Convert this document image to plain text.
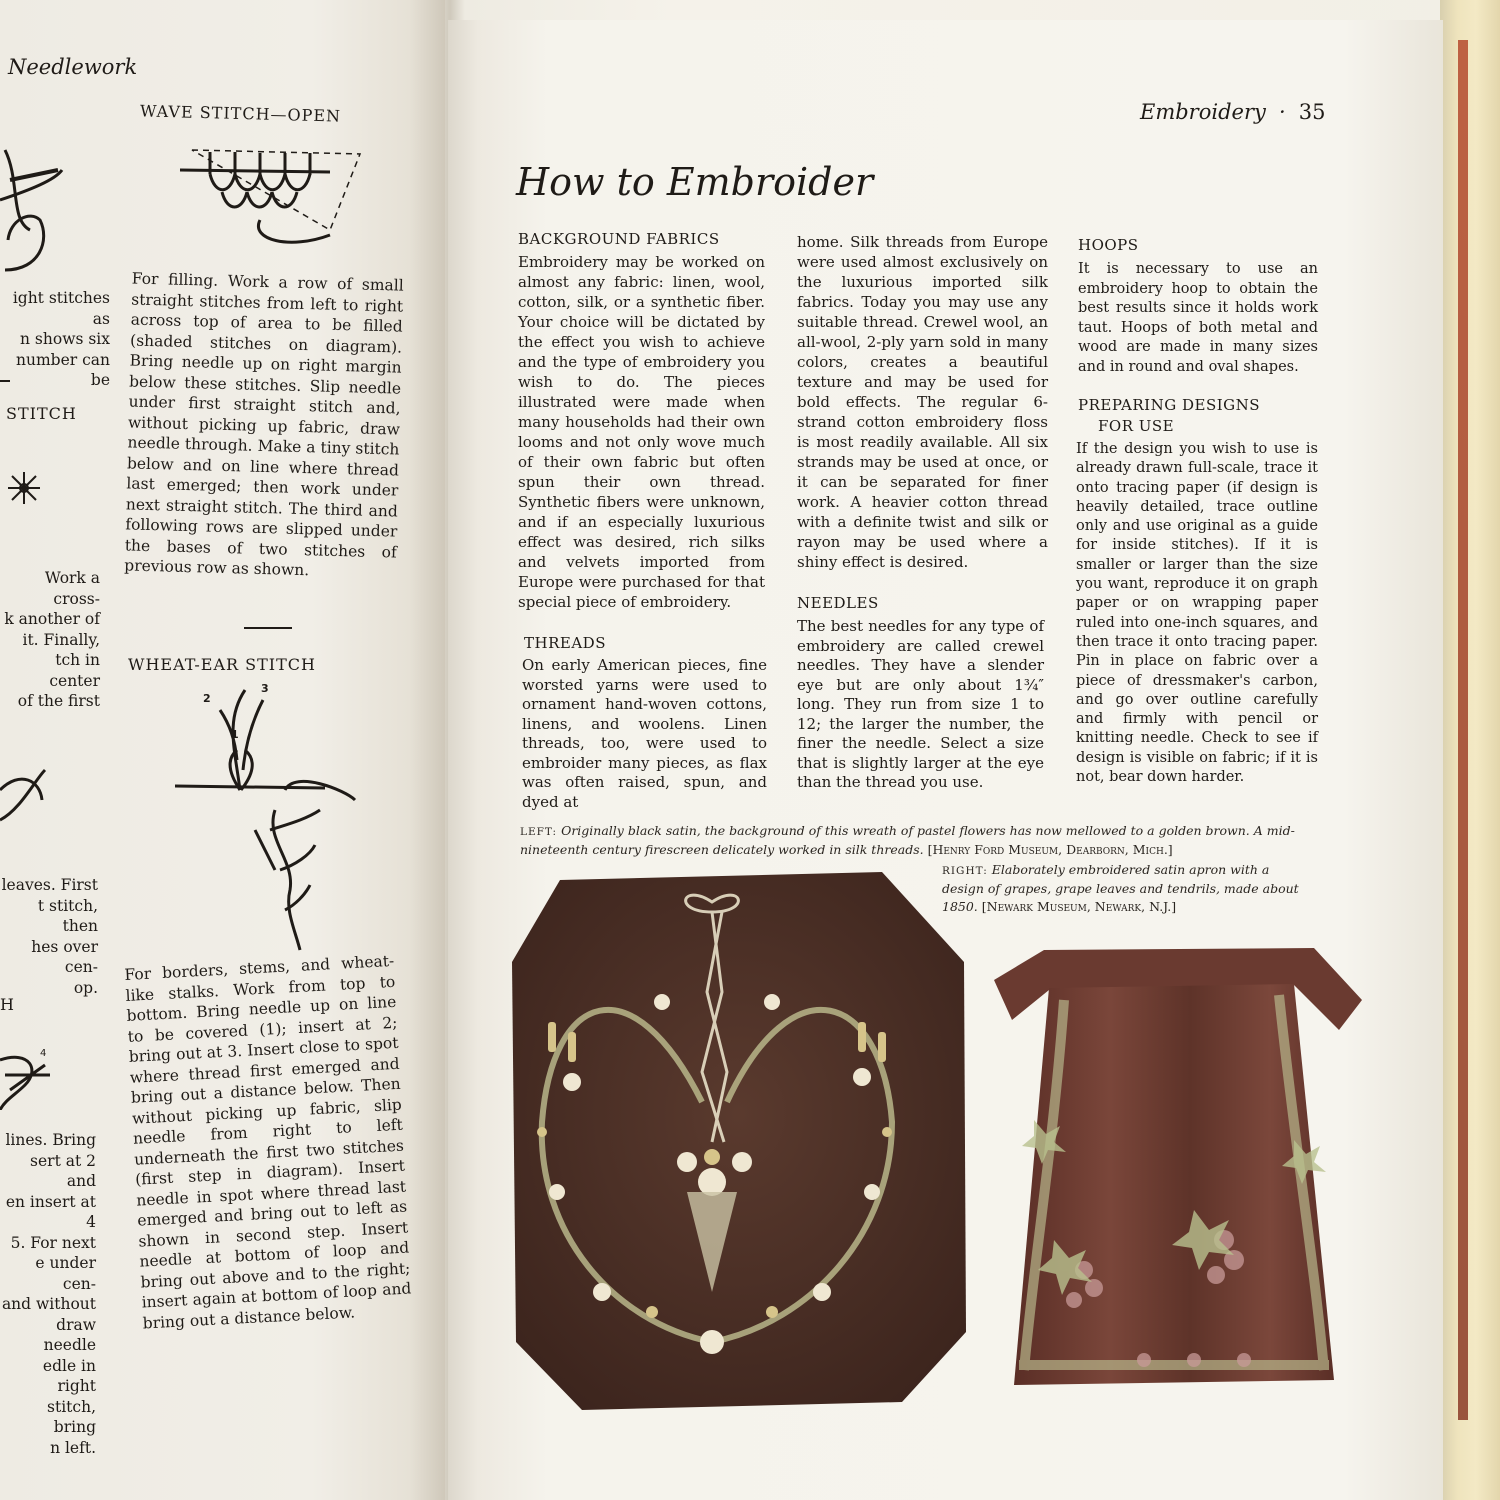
Needlework
ight stitches as
n shows six
number can be
STITCH
Work a cross-
k another of
it. Finally,
tch in center
of the first
leaves. First
t stitch, then
hes over cen-
op.
H
4
lines. Bring
sert at 2 and
en insert at 4
5. For next
e under cen-
and without
draw needle
edle in right
stitch, bring
n left.
WAVE STITCH—OPEN
For filling. Work a row of small straight stitches from left to right across top of area to be filled (shaded stitches on diagram). Bring needle up on right margin below these stitches. Slip needle under first straight stitch and, without picking up fabric, draw needle through. Make a tiny stitch below and on line where thread last emerged; then work under next straight stitch. The third and following rows are slipped under the bases of two stitches of previous row as shown.
WHEAT-EAR STITCH
2
3
1
For borders, stems, and wheat-like stalks. Work from top to bottom. Bring needle up on line to be covered (1); insert at 2; bring out at 3. Insert close to spot where thread first emerged and bring out a distance below. Then without picking up fabric, slip needle from right to left underneath the first two stitches (first step in diagram). Insert needle in spot where thread last emerged and bring out to left as shown in second step. Insert needle at bottom of loop and bring out above and to the right; insert again at bottom of loop and bring out a distance below.
Embroidery · 35
How to Embroider
BACKGROUND FABRICS
Embroidery may be worked on almost any fabric: linen, wool, cotton, silk, or a synthetic fiber. Your choice will be dictated by the effect you wish to achieve and the type of embroidery you wish to do. The pieces illustrated were made when many households had their own looms and not only wove much of their own fabric but often spun their own thread. Synthetic fibers were unknown, and if an especially luxurious effect was desired, rich silks and velvets imported from Europe were purchased for that special piece of embroidery.
THREADS
On early American pieces, fine worsted yarns were used to ornament hand-woven cottons, linens, and woolens. Linen threads, too, were used to embroider many pieces, as flax was often raised, spun, and dyed at
home. Silk threads from Europe were used almost exclusively on the luxurious imported silk fabrics. Today you may use any suitable thread. Crewel wool, an all-wool, 2-ply yarn sold in many colors, creates a beautiful texture and may be used for bold effects. The regular 6-strand cotton embroidery floss is most readily available. All six strands may be used at once, or it can be separated for finer work. A heavier cotton thread with a definite twist and silk or rayon may be used where a shiny effect is desired.
NEEDLES
The best needles for any type of embroidery are called crewel needles. They have a slender eye but are only about 1¾″ long. They run from size 1 to 12; the larger the number, the finer the needle. Select a size that is slightly larger at the eye than the thread you use.
HOOPS
It is necessary to use an embroidery hoop to obtain the best results since it holds work taut. Hoops of both metal and wood are made in many sizes and in round and oval shapes.
PREPARING DESIGNS
FOR USE
If the design you wish to use is already drawn full-scale, trace it onto tracing paper (if design is heavily detailed, trace outline only and use original as a guide for inside stitches). If it is smaller or larger than the size you want, reproduce it on graph paper or on wrapping paper ruled into one-inch squares, and then trace it onto tracing paper. Pin in place on fabric over a piece of dressmaker's carbon, and go over outline carefully and firmly with pencil or knitting needle. Check to see if design is visible on fabric; if it is not, bear down harder.
LEFT: Originally black satin, the background of this wreath of pastel flowers has now mellowed to a golden brown. A mid-nineteenth century firescreen delicately worked in silk threads. [Henry Ford Museum, Dearborn, Mich.]
RIGHT: Elaborately embroidered satin apron with a design of grapes, grape leaves and tendrils, made about 1850. [Newark Museum, Newark, N.J.]
